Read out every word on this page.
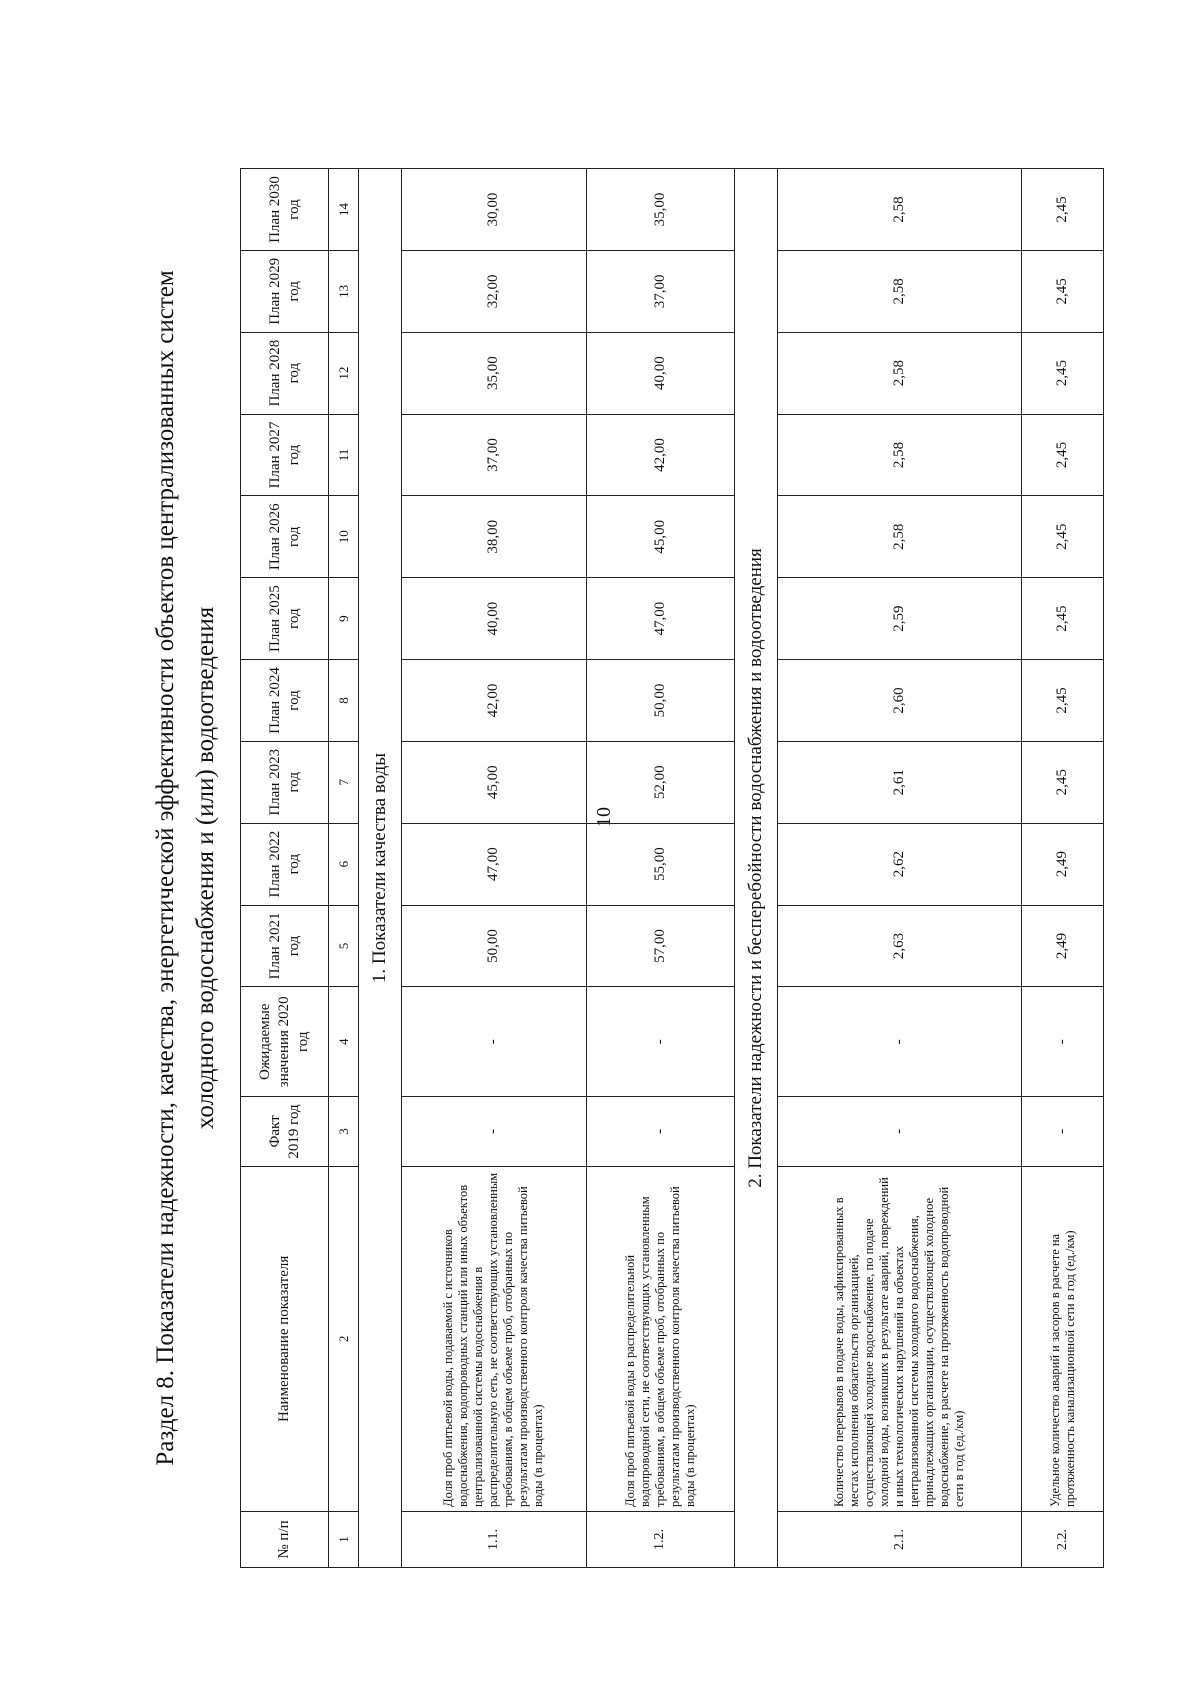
10
Раздел 8. Показатели надежности, качества, энергетической эффективности объектов централизованных систем холодного водоснабжения и (или) водоотведения
№ п/п	Наименование показателя	Факт 2019 год	Ожидаемые значения 2020 год	План 2021 год	План 2022 год	План 2023 год	План 2024 год	План 2025 год	План 2026 год	План 2027 год	План 2028 год	План 2029 год	План 2030 год
1	2	3	4	5	6	7	8	9	10	11	12	13	14
1. Показатели качества воды													
1.1.	Доля проб питьевой воды, подаваемой с источников водоснабжения, водопроводных станций или иных объектов централизованной системы водоснабжения в распределительную сеть, не соответствующих установленным требованиям, в общем объеме проб, отобранных по результатам производственного контроля качества питьевой воды (в процентах)	-	-	50,00	47,00	45,00	42,00	40,00	38,00	37,00	35,00	32,00	30,00
1.2.	Доля проб питьевой воды в распределительной водопроводной сети, не соответствующих установленным требованиям, в общем объеме проб, отобранных по результатам производственного контроля качества питьевой воды (в процентах)	-	-	57,00	55,00	52,00	50,00	47,00	45,00	42,00	40,00	37,00	35,00
2. Показатели надежности и бесперебойности водоснабжения и водоотведения													
2.1.	Количество перерывов в подаче воды, зафиксированных в местах исполнения обязательств организацией, осуществляющей холодное водоснабжение, по подаче холодной воды, возникших в результате аварий, повреждений и иных технологических нарушений на объектах централизованной системы холодного водоснабжения, принадлежащих организации, осуществляющей холодное водоснабжение, в расчете на протяженность водопроводной сети в год (ед./км)	-	-	2,63	2,62	2,61	2,60	2,59	2,58	2,58	2,58	2,58	2,58
2.2.	Удельное количество аварий и засоров в расчете на протяженность канализационной сети в год (ед./км)	-	-	2,49	2,49	2,45	2,45	2,45	2,45	2,45	2,45	2,45	2,45
